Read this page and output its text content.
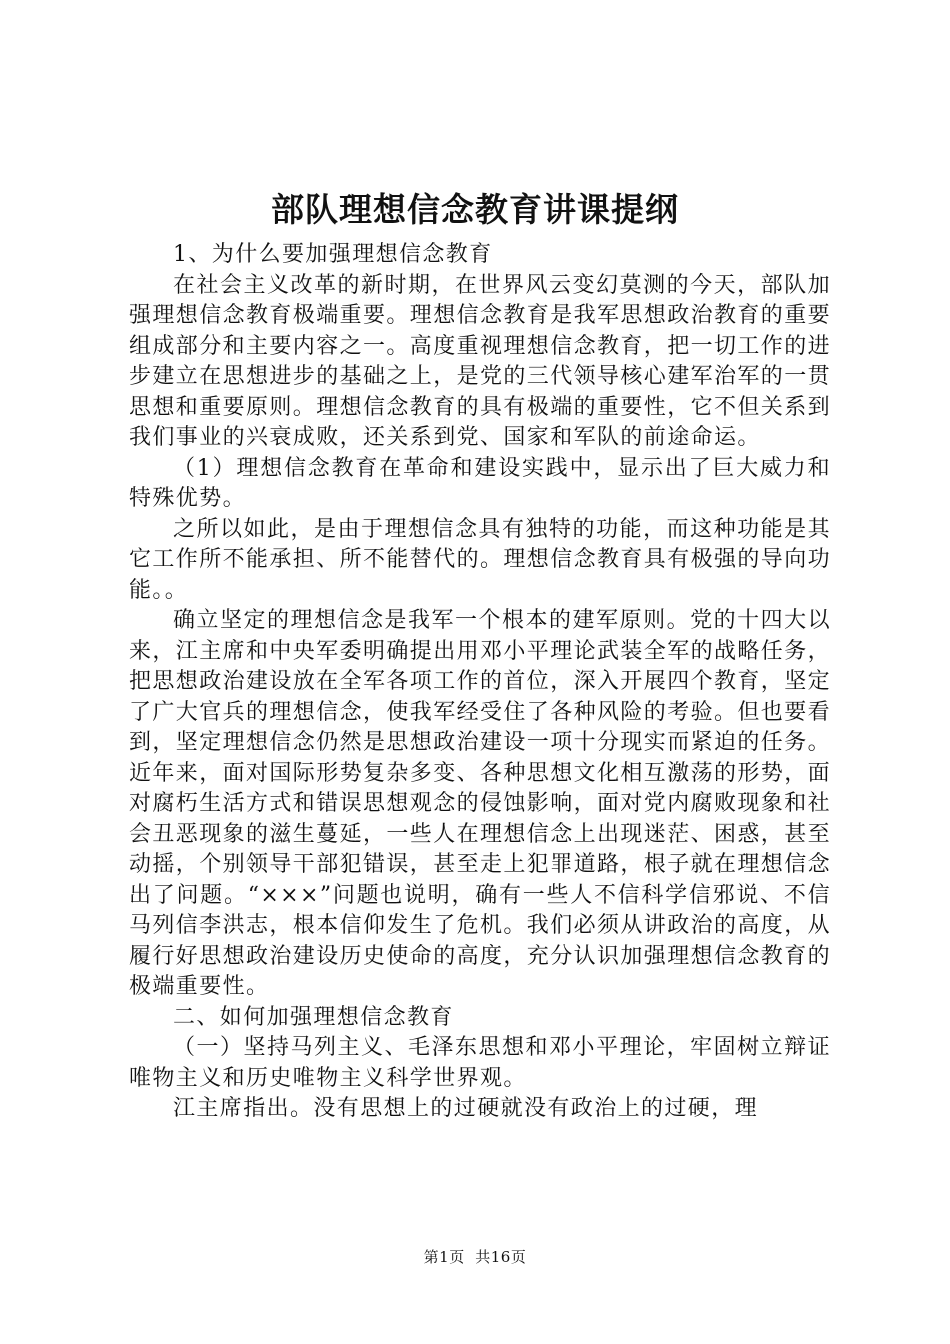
部队理想信念教育讲课提纲

1、为什么要加强理想信念教育

在社会主义改革的新时期，在世界风云变幻莫测的今天，部队加强理想信念教育极端重要。理想信念教育是我军思想政治教育的重要组成部分和主要内容之一。高度重视理想信念教育，把一切工作的进步建立在思想进步的基础之上，是党的三代领导核心建军治军的一贯思想和重要原则。理想信念教育的具有极端的重要性，它不但关系到我们事业的兴衰成败，还关系到党、国家和军队的前途命运。

（1）理想信念教育在革命和建设实践中，显示出了巨大威力和特殊优势。

之所以如此，是由于理想信念具有独特的功能，而这种功能是其它工作所不能承担、所不能替代的。理想信念教育具有极强的导向功能。。

确立坚定的理想信念是我军一个根本的建军原则。党的十四大以来，江主席和中央军委明确提出用邓小平理论武装全军的战略任务，把思想政治建设放在全军各项工作的首位，深入开展四个教育，坚定了广大官兵的理想信念，使我军经受住了各种风险的考验。但也要看到，坚定理想信念仍然是思想政治建设一项十分现实而紧迫的任务。近年来，面对国际形势复杂多变、各种思想文化相互激荡的形势，面对腐朽生活方式和错误思想观念的侵蚀影响，面对党内腐败现象和社会丑恶现象的滋生蔓延，一些人在理想信念上出现迷茫、困惑，甚至动摇，个别领导干部犯错误，甚至走上犯罪道路，根子就在理想信念出了问题。“×××”问题也说明，确有一些人不信科学信邪说、不信马列信李洪志，根本信仰发生了危机。我们必须从讲政治的高度，从履行好思想政治建设历史使命的高度，充分认识加强理想信念教育的极端重要性。

二、如何加强理想信念教育

（一）坚持马列主义、毛泽东思想和邓小平理论，牢固树立辩证唯物主义和历史唯物主义科学世界观。

江主席指出。没有思想上的过硬就没有政治上的过硬，理

第1页 共16页
